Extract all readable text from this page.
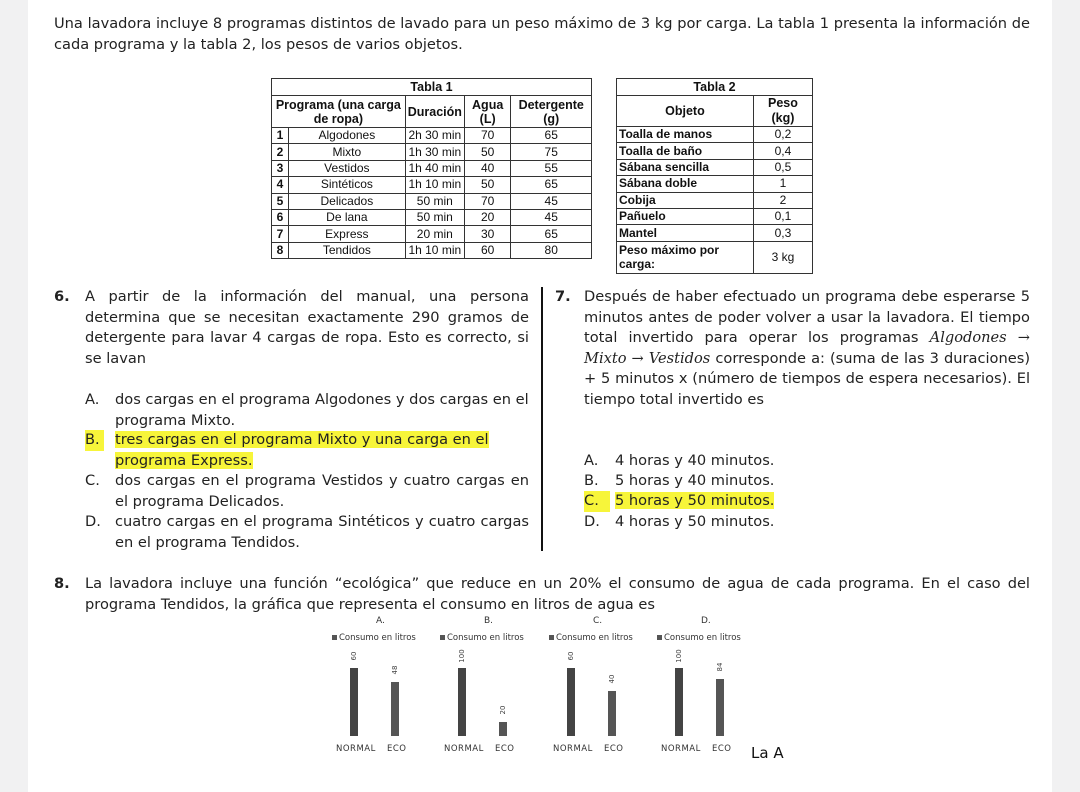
Una lavadora incluye 8 programas distintos de lavado para un peso máximo de 3 kg por carga. La tabla 1 presenta la información de cada programa y la tabla 2, los pesos de varios objetos.
Tabla 1
Programa (una carga de ropa)		Duración	Agua (L)	Detergente (g)
1	Algodones	2h 30 min	70	65
2	Mixto	1h 30 min	50	75
3	Vestidos	1h 40 min	40	55
4	Sintéticos	1h 10 min	50	65
5	Delicados	50 min	70	45
6	De lana	50 min	20	45
7	Express	20 min	30	65
8	Tendidos	1h 10 min	60	80
Tabla 2
Objeto	Peso (kg)
Toalla de manos	0,2
Toalla de baño	0,4
Sábana sencilla	0,5
Sábana doble	1
Cobija	2
Pañuelo	0,1
Mantel	0,3
Peso máximo por carga:	3 kg
6. A partir de la información del manual, una persona determina que se necesitan exactamente 290 gramos de detergente para lavar 4 cargas de ropa. Esto es correcto, si se lavan
A. dos cargas en el programa Algodones y dos cargas en el programa Mixto.
B. tres cargas en el programa Mixto y una carga en el programa Express.
C. dos cargas en el programa Vestidos y cuatro cargas en el programa Delicados.
D. cuatro cargas en el programa Sintéticos y cuatro cargas en el programa Tendidos.
7. Después de haber efectuado un programa debe esperarse 5 minutos antes de poder volver a usar la lavadora. El tiempo total invertido para operar los programas Algodones → Mixto → Vestidos corresponde a: (suma de las 3 duraciones) + 5 minutos x (número de tiempos de espera necesarios). El tiempo total invertido es
A. 4 horas y 40 minutos.
B. 5 horas y 40 minutos.
C.	5 horas y 50 minutos.
D. 4 horas y 50 minutos.
8. La lavadora incluye una función “ecológica” que reduce en un 20% el consumo de agua de cada programa. En el caso del programa Tendidos, la gráfica que representa el consumo en litros de agua es
A.
Consumo en litros
60
NORMAL
48
ECO
B.
Consumo en litros
100
NORMAL
20
ECO
C.
Consumo en litros
60
NORMAL
40
ECO
D.
Consumo en litros
100
NORMAL
84
ECO La A
